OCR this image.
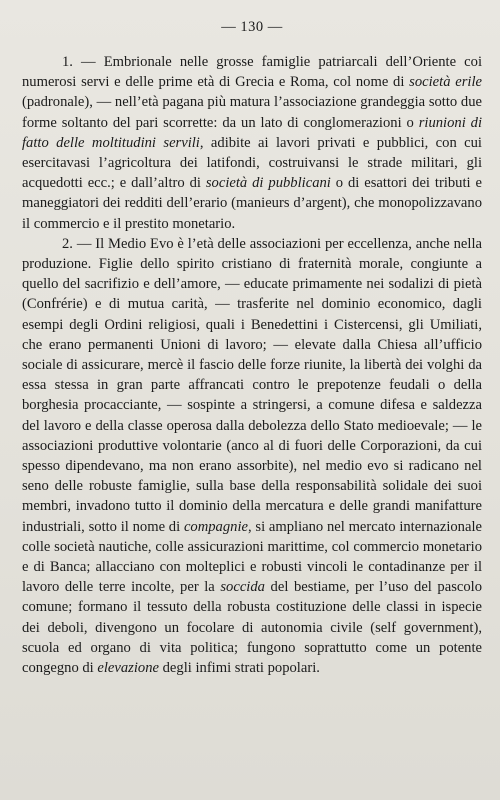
— 130 —

1. — Embrionale nelle grosse famiglie patriarcali dell’Oriente coi numerosi servi e delle prime età di Grecia e Roma, col nome di società erile (padronale), — nell’età pagana più matura l’associazione grandeggia sotto due forme soltanto del pari scorrette: da un lato di conglomerazioni o riunioni di fatto delle moltitudini servili, adibite ai lavori privati e pubblici, con cui esercitavasi l’agricoltura dei latifondi, costruivansi le strade militari, gli acquedotti ecc.; e dall’altro di società di pubblicani o di esattori dei tributi e maneggiatori dei redditi dell’erario (manieurs d’argent), che monopolizzavano il commercio e il prestito monetario.

2. — Il Medio Evo è l’età delle associazioni per eccellenza, anche nella produzione. Figlie dello spirito cristiano di fraternità morale, congiunte a quello del sacrifizio e dell’amore, — educate primamente nei sodalizi di pietà (Confrérie) e di mutua carità, — trasferite nel dominio economico, dagli esempi degli Ordini religiosi, quali i Benedettini i Cistercensi, gli Umiliati, che erano permanenti Unioni di lavoro; — elevate dalla Chiesa all’ufficio sociale di assicurare, mercè il fascio delle forze riunite, la libertà dei volghi da essa stessa in gran parte affrancati contro le prepotenze feudali o della borghesia procacciante, — sospinte a stringersi, a comune difesa e saldezza del lavoro e della classe operosa dalla debolezza dello Stato medioevale; — le associazioni produttive volontarie (anco al di fuori delle Corporazioni, da cui spesso dipendevano, ma non erano assorbite), nel medio evo si radicano nel seno delle robuste famiglie, sulla base della responsabilità solidale dei suoi membri, invadono tutto il dominio della mercatura e delle grandi manifatture industriali, sotto il nome di compagnie, si ampliano nel mercato internazionale colle società nautiche, colle assicurazioni marittime, col commercio monetario e di Banca; allacciano con molteplici e robusti vincoli le contadinanze per il lavoro delle terre incolte, per la soccida del bestiame, per l’uso del pascolo comune; formano il tessuto della robusta costituzione delle classi in ispecie dei deboli, divengono un focolare di autonomia civile (self government), scuola ed organo di vita politica; fungono soprattutto come un potente congegno di elevazione degli infimi strati popolari.
